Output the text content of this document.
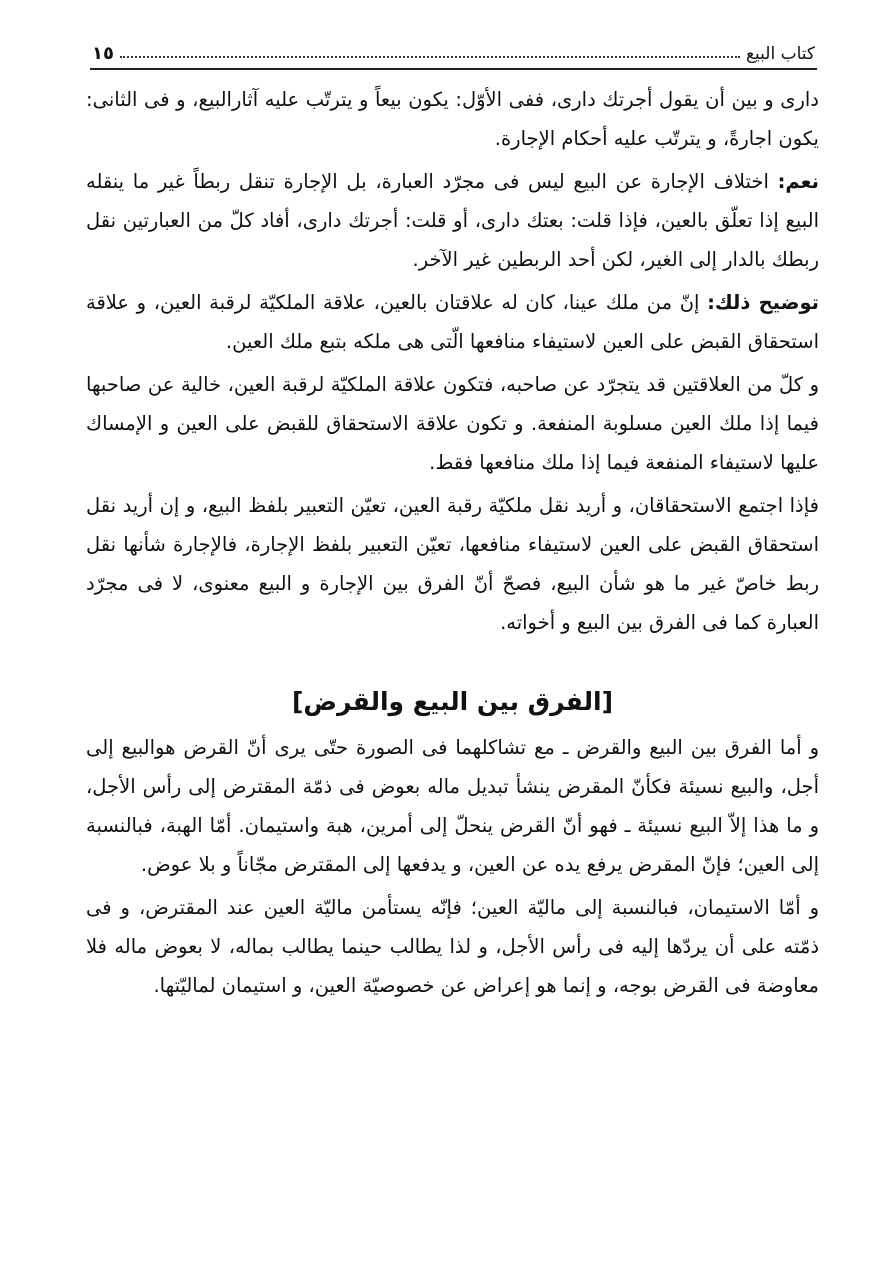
كتاب البيع
١٥

داری و بین أن یقول أجرتك داری، ففی الأوّل: یكون بیعاً و یترتّب علیه آثارالبیع، و فی الثانی: یكون اجارةً، و یترتّب علیه أحكام الإجارة.

نعم: اختلاف الإجارة عن البیع لیس فی مجرّد العبارة، بل الإجارة تنقل ربطاً غیر ما ینقله البیع إذا تعلّق بالعین، فإذا قلت: بعتك داری، أو قلت: أجرتك داری، أفاد كلّ من العبارتین نقل ربطك بالدار إلی الغیر، لكن أحد الربطین غیر الآخر.

توضیح ذلك: إنّ من ملك عینا، كان له علاقتان بالعین، علاقة الملكیّة لرقبة العین، و علاقة استحقاق القبض علی العین لاستیفاء منافعها الّتی هی ملكه بتبع ملك العین.

و كلّ من العلاقتین قد یتجرّد عن صاحبه، فتكون علاقة الملكیّة لرقبة العین، خالیة عن صاحبها فیما إذا ملك العین مسلوبة المنفعة. و تكون علاقة الاستحقاق للقبض علی العین و الإمساك علیها لاستیفاء المنفعة فیما إذا ملك منافعها فقط.

فإذا اجتمع الاستحقاقان، و أرید نقل ملكیّة رقبة العین، تعیّن التعبیر بلفظ البیع، و إن أرید نقل استحقاق القبض علی العین لاستیفاء منافعها، تعیّن التعبیر بلفظ الإجارة، فالإجارة شأنها نقل ربط خاصّ غیر ما هو شأن البیع، فصحّ أنّ الفرق بین الإجارة و البیع معنوی، لا فی مجرّد العبارة كما فی الفرق بین البیع و أخواته.

[الفرق بین البیع والقرض]

و أما الفرق بین البیع والقرض ـ مع تشاكلهما فی الصورة حتّی یری أنّ القرض هوالبیع إلی أجل، والبیع نسیئة فكأنّ المقرض ینشأ تبدیل ماله بعوض فی ذمّة المقترض إلی رأس الأجل، و ما هذا إلاّ البیع نسیئة ـ فهو أنّ القرض ینحلّ إلی أمرین، هبة واستیمان. أمّا الهبة، فبالنسبة إلی العین؛ فإنّ المقرض یرفع یده عن العین، و یدفعها إلی المقترض مجّاناً و بلا عوض.

و أمّا الاستیمان، فبالنسبة إلی مالیّة العین؛ فإنّه یستأمن مالیّة العین عند المقترض، و فی ذمّته علی أن یردّها إلیه فی رأس الأجل، و لذا یطالب حینما یطالب بماله، لا بعوض ماله فلا معاوضة فی القرض بوجه، و إنما هو إعراض عن خصوصیّة العین، و استیمان لمالیّتها.
